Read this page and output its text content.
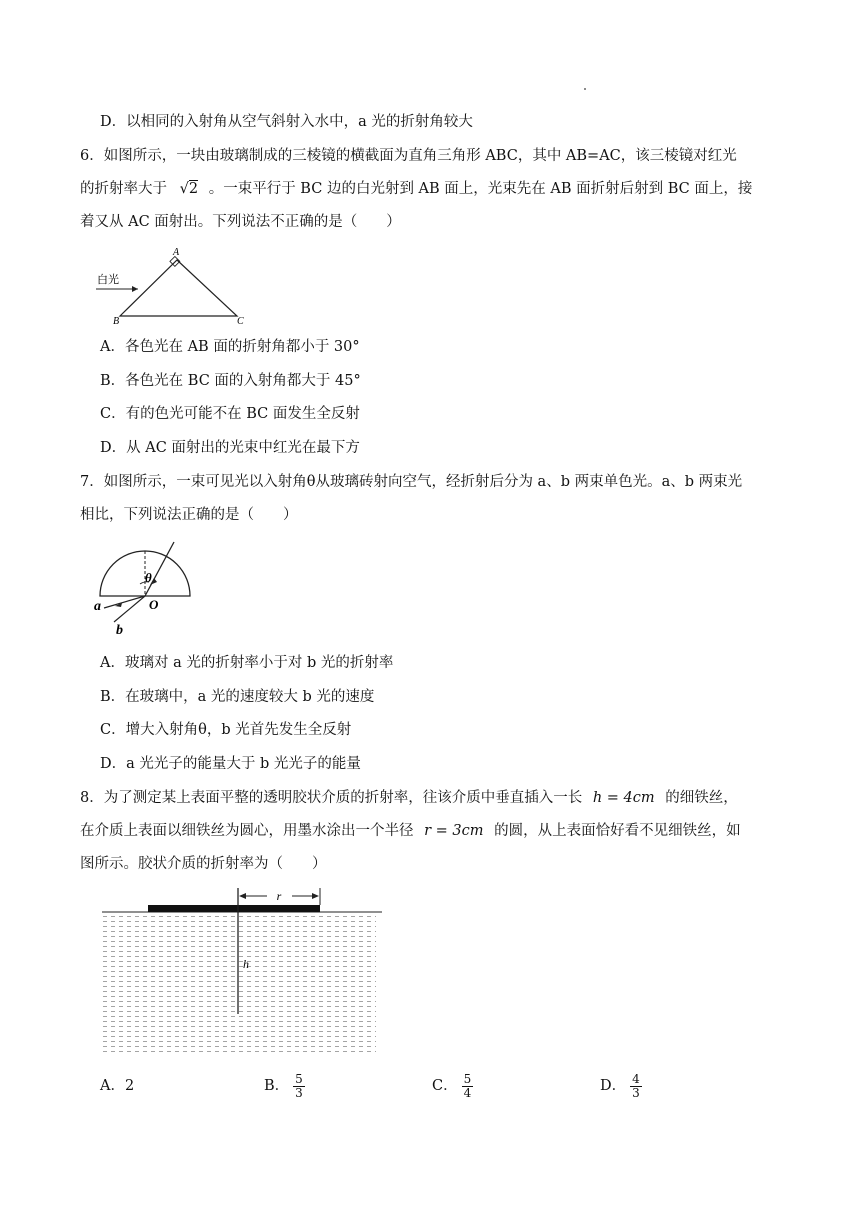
D．以相同的入射角从空气斜射入水中，a 光的折射角较大
6．如图所示，一块由玻璃制成的三棱镜的横截面为直角三角形 ABC，其中 AB=AC，该三棱镜对红光
的折射率大于 √2 。一束平行于 BC 边的白光射到 AB 面上，光束先在 AB 面折射后射到 BC 面上，接
着又从 AC 面射出。下列说法不正确的是（　　）
A
B	C
白光
A．各色光在 AB 面的折射角都小于 30°
B．各色光在 BC 面的入射角都大于 45°
C．有的色光可能不在 BC 面发生全反射
D．从 AC 面射出的光束中红光在最下方
7．如图所示，一束可见光以入射角θ从玻璃砖射向空气，经折射后分为 a、b 两束单色光。a、b 两束光
相比，下列说法正确的是（　　）
θ
O
a
b
A．玻璃对 a 光的折射率小于对 b 光的折射率
B．在玻璃中，a 光的速度较大 b 光的速度
C．增大入射角θ，b 光首先发生全反射
D．a 光光子的能量大于 b 光光子的能量
8．为了测定某上表面平整的透明胶状介质的折射率，往该介质中垂直插入一长 h = 4cm 的细铁丝，
在介质上表面以细铁丝为圆心，用墨水涂出一个半径 r = 3cm 的圆，从上表面恰好看不见细铁丝，如
图所示。胶状介质的折射率为（　　）
r
h
A．2	B． $\frac{5}{3}$	C． $\frac{5}{4}$	D． $\frac{4}{3}$
